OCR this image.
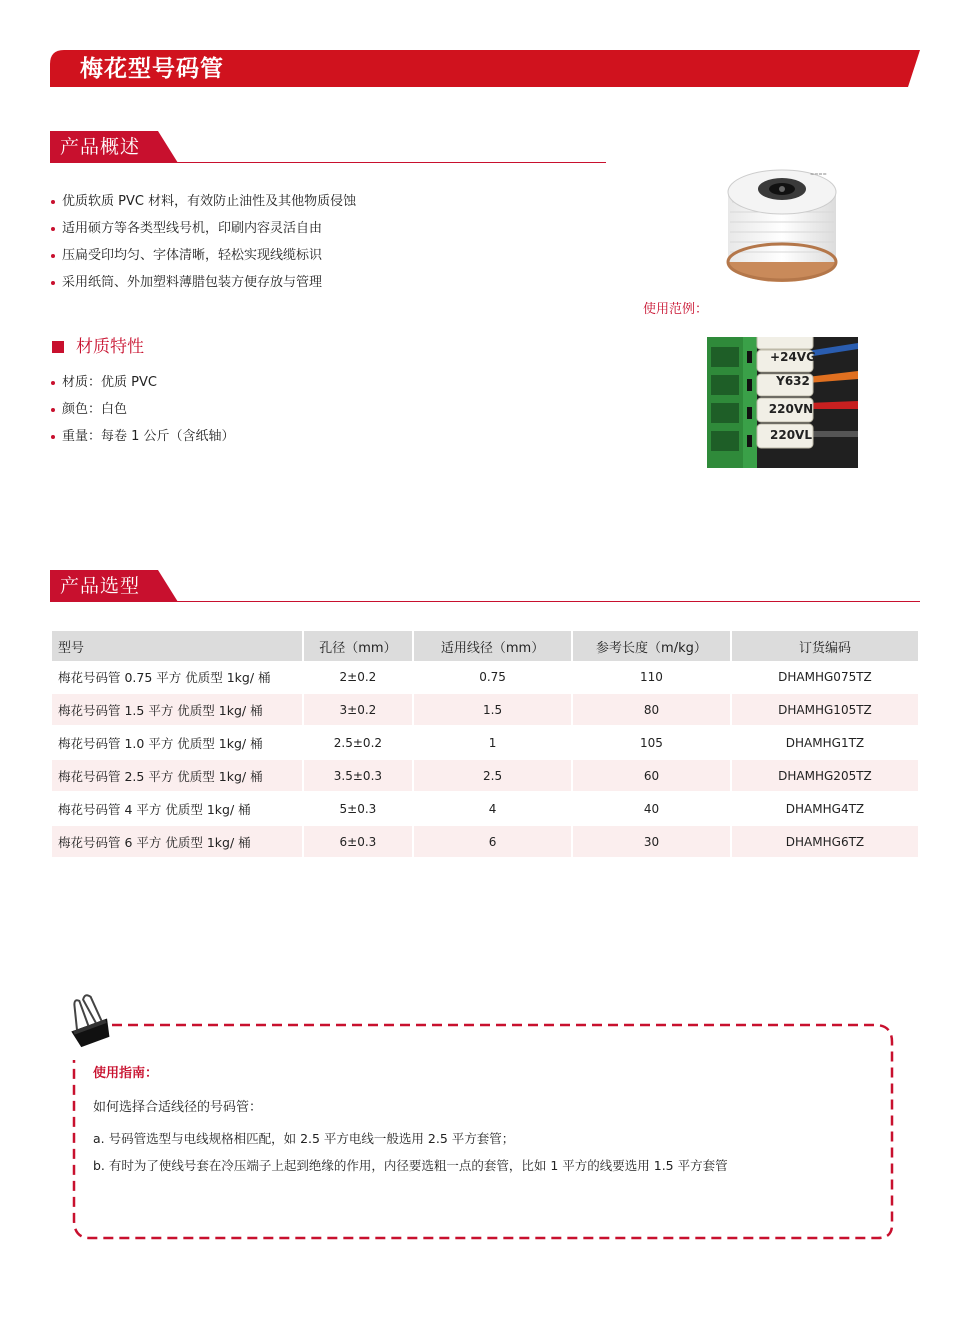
梅花型号码管
产品概述
优质软质 PVC 材料，有效防止油性及其他物质侵蚀
适用硕方等各类型线号机，印刷内容灵活自由
压扁受印均匀、字体清晰，轻松实现线缆标识
采用纸筒、外加塑料薄腊包装方便存放与管理
====
使用范例：
+24VG
Y632
220VN
220VL
材质特性
材质：优质 PVC
颜色：白色
重量：每卷 1 公斤（含纸轴）
产品选型
型号	孔径（mm）	适用线径（mm）	参考长度（m/kg）	订货编码
梅花号码管 0.75 平方 优质型 1kg/ 桶	2±0.2	0.75	110	DHAMHG075TZ
梅花号码管 1.5 平方 优质型 1kg/ 桶	3±0.2	1.5	80	DHAMHG105TZ
梅花号码管 1.0 平方 优质型 1kg/ 桶	2.5±0.2	1	105	DHAMHG1TZ
梅花号码管 2.5 平方 优质型 1kg/ 桶	3.5±0.3	2.5	60	DHAMHG205TZ
梅花号码管 4 平方 优质型 1kg/ 桶	5±0.3	4	40	DHAMHG4TZ
梅花号码管 6 平方 优质型 1kg/ 桶	6±0.3	6	30	DHAMHG6TZ
使用指南：
如何选择合适线径的号码管：
a. 号码管选型与电线规格相匹配，如 2.5 平方电线一般选用 2.5 平方套管；
b. 有时为了使线号套在冷压端子上起到绝缘的作用，内径要选粗一点的套管，比如 1 平方的线要选用 1.5 平方套管
